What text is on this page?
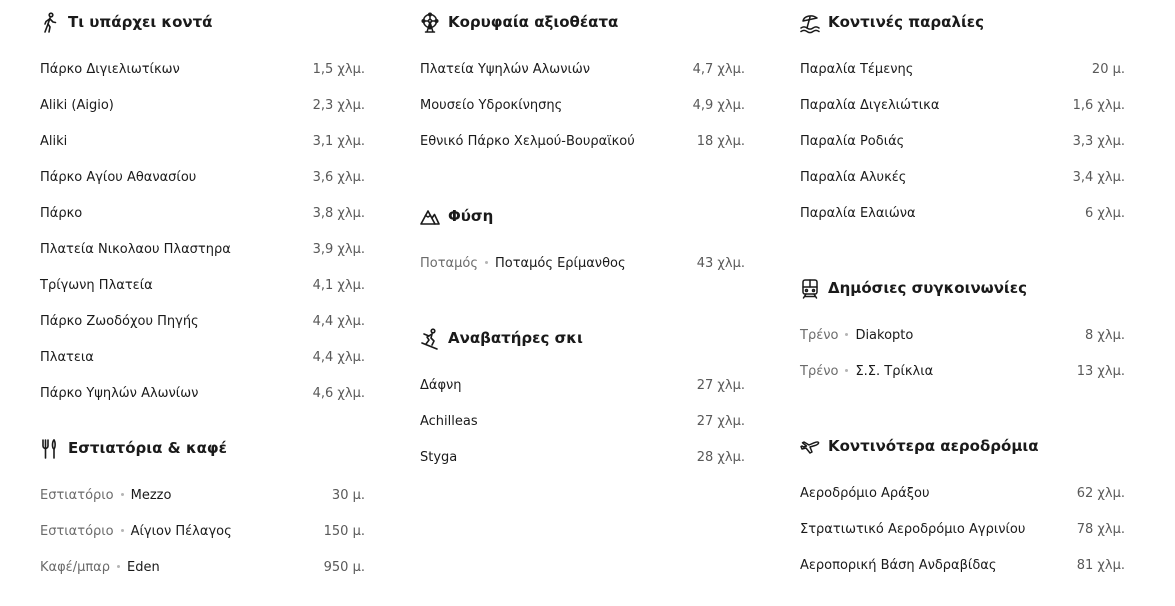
Τι υπάρχει κοντά
Πάρκο Διγιελιωτίκων	1,5 χλμ.
Aliki (Aigio)	2,3 χλμ.
Aliki	3,1 χλμ.
Πάρκο Αγίου Αθανασίου	3,6 χλμ.
Πάρκο	3,8 χλμ.
Πλατεία Νικολαου Πλαστηρα	3,9 χλμ.
Τρίγωνη Πλατεία	4,1 χλμ.
Πάρκο Ζωοδόχου Πηγής	4,4 χλμ.
Πλατεια	4,4 χλμ.
Πάρκο Υψηλών Αλωνίων	4,6 χλμ.
Εστιατόρια & καφέ
Εστιατόριο Mezzo	30 μ.
Εστιατόριο Αίγιον Πέλαγος	150 μ.
Καφέ/μπαρ Eden	950 μ.
Κορυφαία αξιοθέατα
Πλατεία Υψηλών Αλωνιών	4,7 χλμ.
Μουσείο Υδροκίνησης	4,9 χλμ.
Εθνικό Πάρκο Χελμού-Βουραϊκού	18 χλμ.
Φύση
Ποταμός Ποταμός Ερίμανθος	43 χλμ.
Αναβατήρες σκι
Δάφνη	27 χλμ.
Achilleas	27 χλμ.
Styga	28 χλμ.
Κοντινές παραλίες
Παραλία Τέμενης	20 μ.
Παραλία Διγελιώτικα	1,6 χλμ.
Παραλία Ροδιάς	3,3 χλμ.
Παραλία Αλυκές	3,4 χλμ.
Παραλία Ελαιώνα	6 χλμ.
Δημόσιες συγκοινωνίες
Τρένο Diakopto	8 χλμ.
Τρένο Σ.Σ. Τρίκλια	13 χλμ.
Κοντινότερα αεροδρόμια
Αεροδρόμιο Αράξου	62 χλμ.
Στρατιωτικό Αεροδρόμιο Αγρινίου	78 χλμ.
Αεροπορική Βάση Ανδραβίδας	81 χλμ.
